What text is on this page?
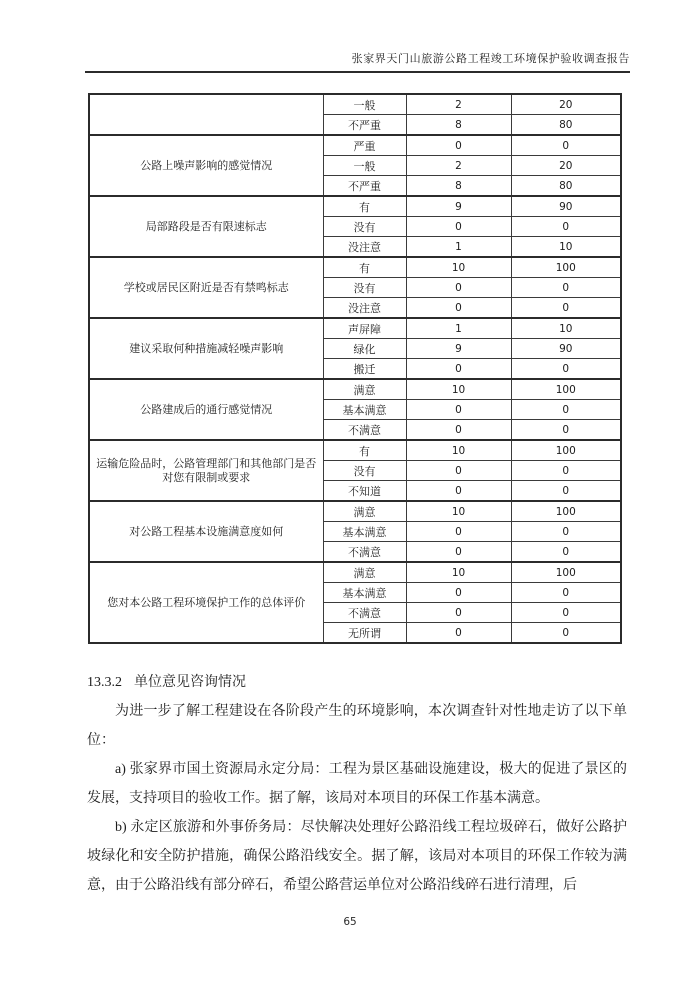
张家界天门山旅游公路工程竣工环境保护验收调查报告
	一般	2	20
	不严重	8	80
公路上噪声影响的感觉情况	严重	0	0
	一般	2	20
	不严重	8	80
局部路段是否有限速标志	有	9	90
	没有	0	0
	没注意	1	10
学校或居民区附近是否有禁鸣标志	有	10	100
	没有	0	0
	没注意	0	0
建议采取何种措施减轻噪声影响	声屏障	1	10
	绿化	9	90
	搬迁	0	0
公路建成后的通行感觉情况	满意	10	100
	基本满意	0	0
	不满意	0	0
运输危险品时，公路管理部门和其他部门是否对您有限制或要求	有	10	100
	没有	0	0
	不知道	0	0
对公路工程基本设施满意度如何	满意	10	100
	基本满意	0	0
	不满意	0	0
您对本公路工程环境保护工作的总体评价	满意	10	100
	基本满意	0	0
	不满意	0	0
	无所谓	0	0
13.3.2 单位意见咨询情况

为进一步了解工程建设在各阶段产生的环境影响，本次调查针对性地走访了以下单位：

a) 张家界市国土资源局永定分局：工程为景区基础设施建设，极大的促进了景区的发展，支持项目的验收工作。据了解，该局对本项目的环保工作基本满意。

b) 永定区旅游和外事侨务局：尽快解决处理好公路沿线工程垃圾碎石，做好公路护坡绿化和安全防护措施，确保公路沿线安全。据了解，该局对本项目的环保工作较为满意，由于公路沿线有部分碎石，希望公路营运单位对公路沿线碎石进行清理，后

65
